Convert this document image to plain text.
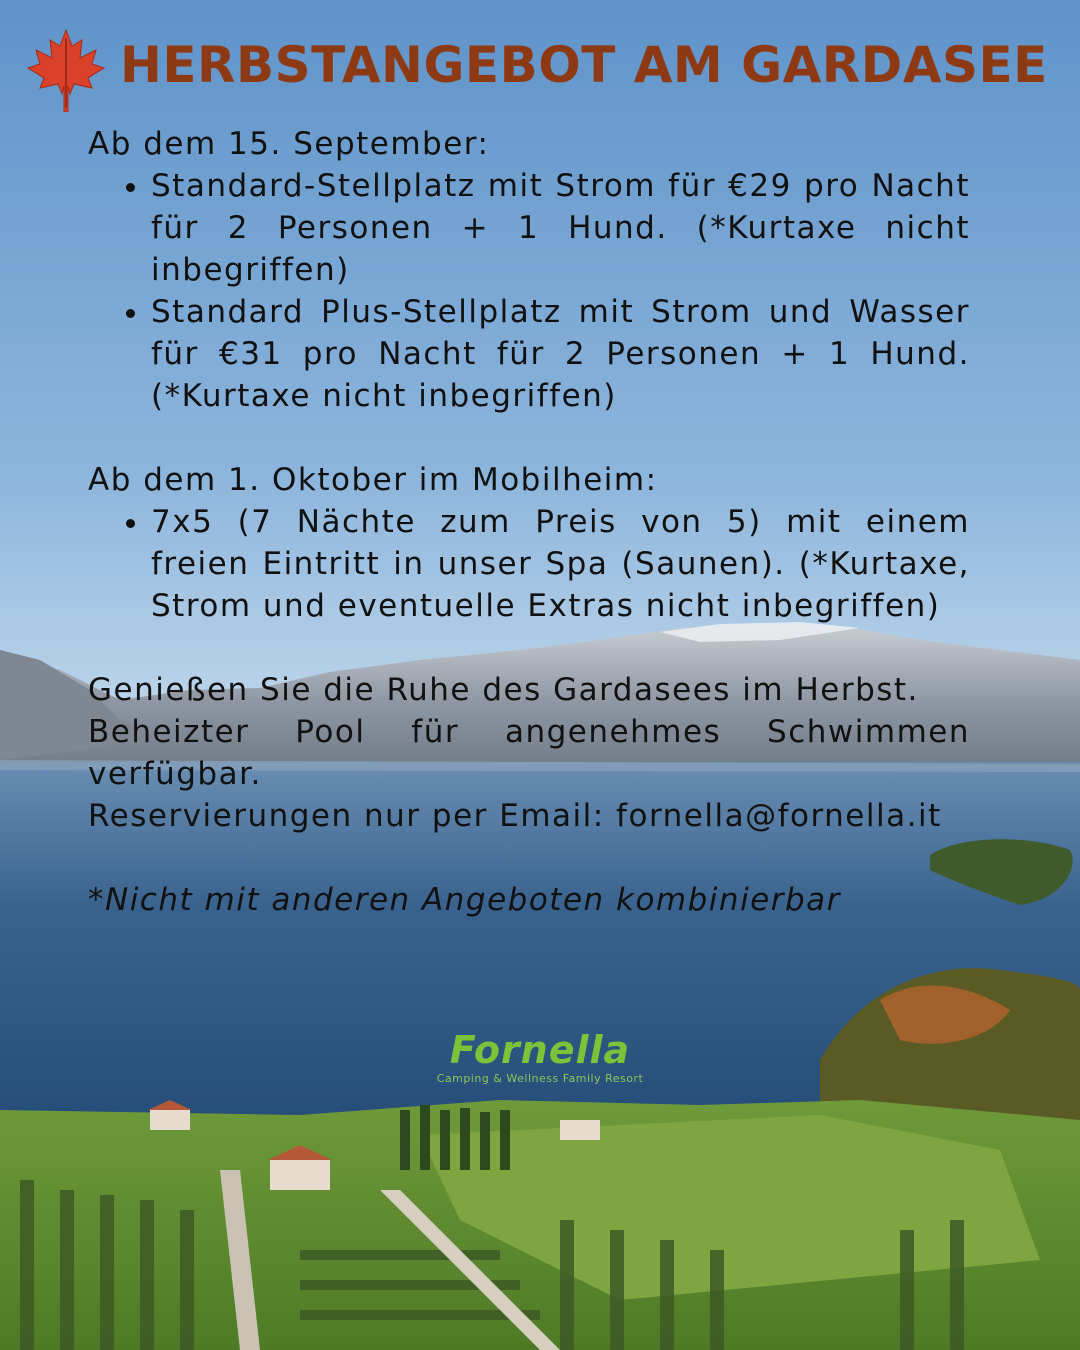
HERBSTANGEBOT AM GARDASEE

Ab dem 15. September:

• Standard-Stellplatz mit Strom für €29 pro Nacht für 2 Personen + 1 Hund. (*Kurtaxe nicht inbegriffen)
• Standard Plus-Stellplatz mit Strom und Wasser für €31 pro Nacht für 2 Personen + 1 Hund. (*Kurtaxe nicht inbegriffen)

Ab dem 1. Oktober im Mobilheim:

• 7x5 (7 Nächte zum Preis von 5) mit einem freien Eintritt in unser Spa (Saunen). (*Kurtaxe, Strom und eventuelle Extras nicht inbegriffen)

Genießen Sie die Ruhe des Gardasees im Herbst.

Beheizter Pool für angenehmes Schwimmen verfügbar.

Reservierungen nur per Email: fornella@fornella.it

*Nicht mit anderen Angeboten kombinierbar

Fornella
Camping & Wellness Family Resort
